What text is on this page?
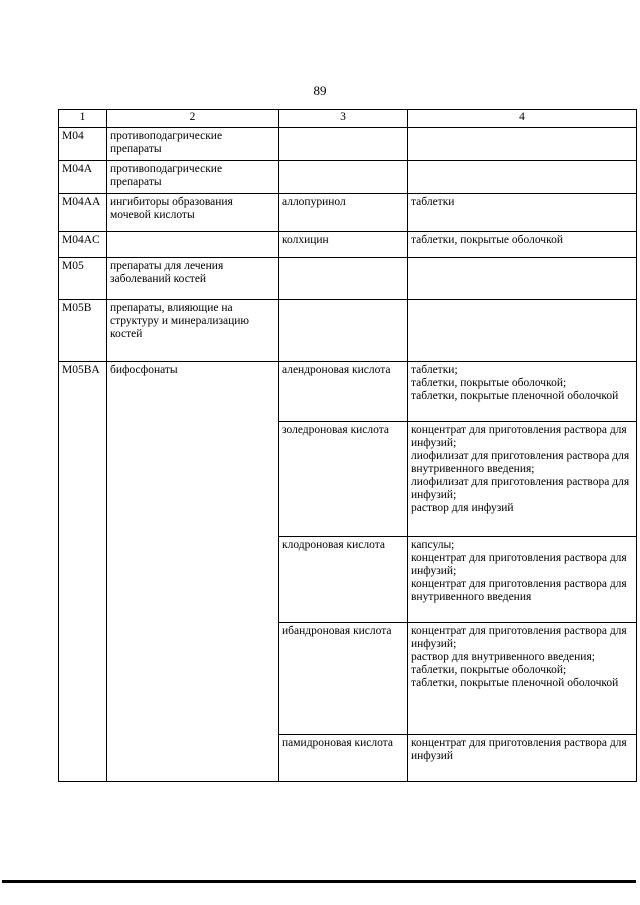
89
1	2	3	4
M04	противоподагрические препараты		
M04A	противоподагрические препараты		
M04AA	ингибиторы образования мочевой кислоты	аллопуринол	таблетки

M04AC		колхицин	таблетки, покрытые оболочкой

M05	препараты для лечения заболеваний костей		
M05B	препараты, влияющие на структуру и минерализацию костей		
M05BA	бифосфонаты	алендроновая кислота	таблетки;
таблетки, покрытые оболочкой;
таблетки, покрытые пленочной оболочкой

		золедроновая кислота	концентрат для приготовления раствора для инфузий;
лиофилизат для приготовления раствора для внутривенного введения;
лиофилизат для приготовления раствора для инфузий;
раствор для инфузий

		клодроновая кислота	капсулы;
концентрат для приготовления раствора для инфузий;
концентрат для приготовления раствора для внутривенного введения

		ибандроновая кислота	концентрат для приготовления раствора для инфузий;
раствор для внутривенного введения;
таблетки, покрытые оболочкой;
таблетки, покрытые пленочной оболочкой

		памидроновая кислота	концентрат для приготовления раствора для инфузий
